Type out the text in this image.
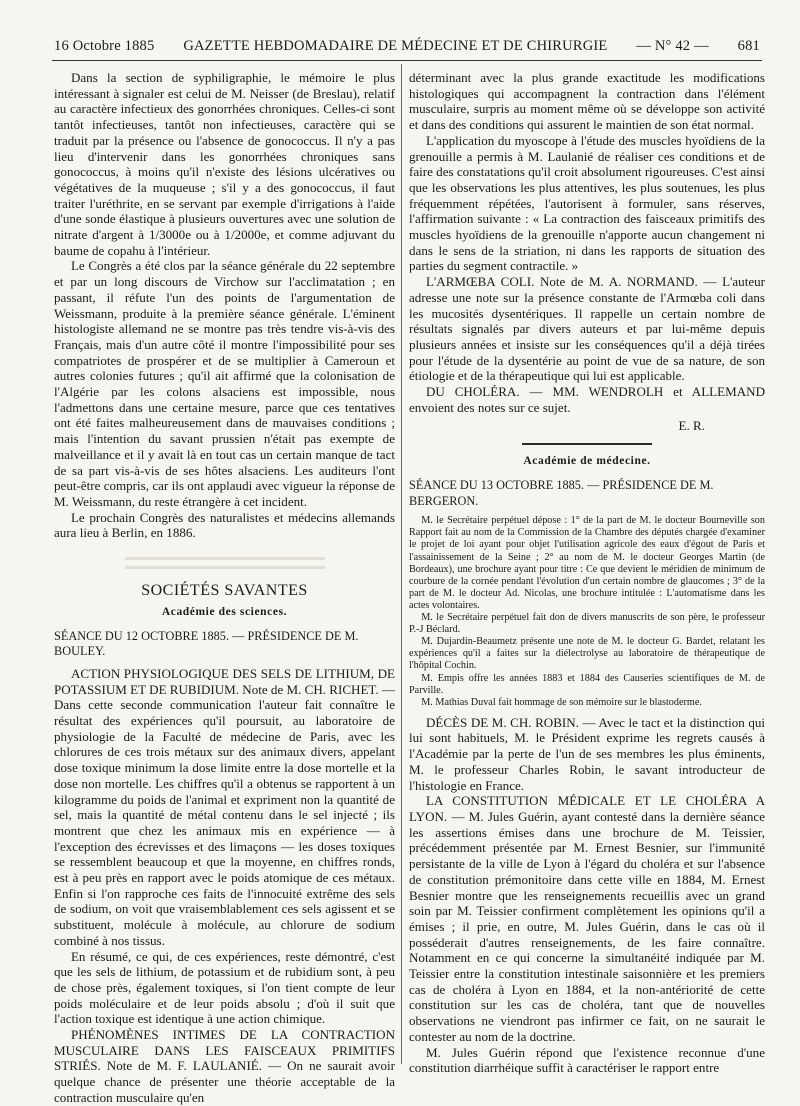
16 Octobre 1885 GAZETTE HEBDOMADAIRE DE MÉDECINE ET DE CHIRURGIE — N° 42 — 681

Dans la section de syphiligraphie, le mémoire le plus intéressant à signaler est celui de M. Neisser (de Breslau), relatif au caractère infectieux des gonorrhées chroniques. Celles-ci sont tantôt infectieuses, tantôt non infectieuses, caractère qui se traduit par la présence ou l'absence de gonococcus. Il n'y a pas lieu d'intervenir dans les gonorrhées chroniques sans gonococcus, à moins qu'il n'existe des lésions ulcératives ou végétatives de la muqueuse ; s'il y a des gonococcus, il faut traiter l'uréthrite, en se servant par exemple d'irrigations à l'aide d'une sonde élastique à plusieurs ouvertures avec une solution de nitrate d'argent à 1/3000e ou à 1/2000e, et comme adjuvant du baume de copahu à l'intérieur.

Le Congrès a été clos par la séance générale du 22 septembre et par un long discours de Virchow sur l'acclimatation ; en passant, il réfute l'un des points de l'argumentation de Weissmann, produite à la première séance générale. L'éminent histologiste allemand ne se montre pas très tendre vis-à-vis des Français, mais d'un autre côté il montre l'impossibilité pour ses compatriotes de prospérer et de se multiplier à Cameroun et autres colonies futures ; qu'il ait affirmé que la colonisation de l'Algérie par les colons alsaciens est impossible, nous l'admettons dans une certaine mesure, parce que ces tentatives ont été faites malheureusement dans de mauvaises conditions ; mais l'intention du savant prussien n'était pas exempte de malveillance et il y avait là en tout cas un certain manque de tact de sa part vis-à-vis de ses hôtes alsaciens. Les auditeurs l'ont peut-être compris, car ils ont applaudi avec vigueur la réponse de M. Weissmann, du reste étrangère à cet incident.

Le prochain Congrès des naturalistes et médecins allemands aura lieu à Berlin, en 1886.

SOCIÉTÉS SAVANTES

Académie des sciences.

SÉANCE DU 12 OCTOBRE 1885. — PRÉSIDENCE DE M. BOULEY.

ACTION PHYSIOLOGIQUE DES SELS DE LITHIUM, DE POTASSIUM ET DE RUBIDIUM. Note de M. CH. RICHET. — Dans cette seconde communication l'auteur fait connaître le résultat des expériences qu'il poursuit, au laboratoire de physiologie de la Faculté de médecine de Paris, avec les chlorures de ces trois métaux sur des animaux divers, appelant dose toxique minimum la dose limite entre la dose mortelle et la dose non mortelle. Les chiffres qu'il a obtenus se rapportent à un kilogramme du poids de l'animal et expriment non la quantité de sel, mais la quantité de métal contenu dans le sel injecté ; ils montrent que chez les animaux mis en expérience — à l'exception des écrevisses et des limaçons — les doses toxiques se ressemblent beaucoup et que la moyenne, en chiffres ronds, est à peu près en rapport avec le poids atomique de ces métaux. Enfin si l'on rapproche ces faits de l'innocuité extrême des sels de sodium, on voit que vraisemblablement ces sels agissent et se substituent, molécule à molécule, au chlorure de sodium combiné à nos tissus.

En résumé, ce qui, de ces expériences, reste démontré, c'est que les sels de lithium, de potassium et de rubidium sont, à peu de chose près, également toxiques, si l'on tient compte de leur poids moléculaire et de leur poids absolu ; d'où il suit que l'action toxique est identique à une action chimique.

PHÉNOMÈNES INTIMES DE LA CONTRACTION MUSCULAIRE DANS LES FAISCEAUX PRIMITIFS STRIÉS. Note de M. F. LAULANIÉ. — On ne saurait avoir quelque chance de présenter une théorie acceptable de la contraction musculaire qu'en

déterminant avec la plus grande exactitude les modifications histologiques qui accompagnent la contraction dans l'élément musculaire, surpris au moment même où se développe son activité et dans des conditions qui assurent le maintien de son état normal.

L'application du myoscope à l'étude des muscles hyoïdiens de la grenouille a permis à M. Laulanié de réaliser ces conditions et de faire des constatations qu'il croit absolument rigoureuses. C'est ainsi que les observations les plus attentives, les plus soutenues, les plus fréquemment répétées, l'autorisent à formuler, sans réserves, l'affirmation suivante : « La contraction des faisceaux primitifs des muscles hyoïdiens de la grenouille n'apporte aucun changement ni dans le sens de la striation, ni dans les rapports de situation des parties du segment contractile. »

L'ARMŒBA COLI. Note de M. A. NORMAND. — L'auteur adresse une note sur la présence constante de l'Armœba coli dans les mucosités dysentériques. Il rappelle un certain nombre de résultats signalés par divers auteurs et par lui-même depuis plusieurs années et insiste sur les conséquences qu'il a déjà tirées pour l'étude de la dysentérie au point de vue de sa nature, de son étiologie et de la thérapeutique qui lui est applicable.

DU CHOLÉRA. — MM. WENDROLH et ALLEMAND envoient des notes sur ce sujet.

E. R.

Académie de médecine.

SÉANCE DU 13 OCTOBRE 1885. — PRÉSIDENCE DE M. BERGERON.

M. le Secrétaire perpétuel dépose : 1° de la part de M. le docteur Bourneville son Rapport fait au nom de la Commission de la Chambre des députés chargée d'examiner le projet de loi ayant pour objet l'utilisation agricole des eaux d'égout de Paris et l'assainissement de la Seine ; 2° au nom de M. le docteur Georges Martin (de Bordeaux), une brochure ayant pour titre : Ce que devient le méridien de minimum de courbure de la cornée pendant l'évolution d'un certain nombre de glaucomes ; 3° de la part de M. le docteur Ad. Nicolas, une brochure intitulée : L'automatisme dans les actes volontaires.

M. le Secrétaire perpétuel fait don de divers manuscrits de son père, le professeur P.-J Béclard.

M. Dujardin-Beaumetz présente une note de M. le docteur G. Bardet, relatant les expériences qu'il a faites sur la diélectrolyse au laboratoire de thérapeutique de l'hôpital Cochin.

M. Empis offre les années 1883 et 1884 des Causeries scientifiques de M. de Parville.

M. Mathias Duval fait hommage de son mémoire sur le blastoderme.

DÉCÈS DE M. CH. ROBIN. — Avec le tact et la distinction qui lui sont habituels, M. le Président exprime les regrets causés à l'Académie par la perte de l'un de ses membres les plus éminents, M. le professeur Charles Robin, le savant introducteur de l'histologie en France.

LA CONSTITUTION MÉDICALE ET LE CHOLÉRA A LYON. — M. Jules Guérin, ayant contesté dans la dernière séance les assertions émises dans une brochure de M. Teissier, précédemment présentée par M. Ernest Besnier, sur l'immunité persistante de la ville de Lyon à l'égard du choléra et sur l'absence de constitution prémonitoire dans cette ville en 1884, M. Ernest Besnier montre que les renseignements recueillis avec un grand soin par M. Teissier confirment complètement les opinions qu'il a émises ; il prie, en outre, M. Jules Guérin, dans le cas où il posséderait d'autres renseignements, de les faire connaître. Notamment en ce qui concerne la simultanéité indiquée par M. Teissier entre la constitution intestinale saisonnière et les premiers cas de choléra à Lyon en 1884, et la non-antériorité de cette constitution sur les cas de choléra, tant que de nouvelles observations ne viendront pas infirmer ce fait, on ne saurait le contester au nom de la doctrine.

M. Jules Guérin répond que l'existence reconnue d'une constitution diarrhéique suffit à caractériser le rapport entre
